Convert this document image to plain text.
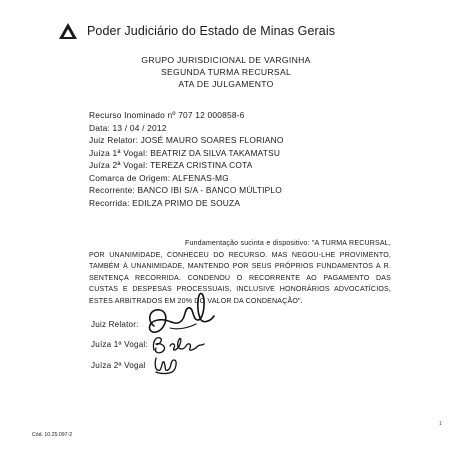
Poder Judiciário do Estado de Minas Gerais
GRUPO JURISDICIONAL DE VARGINHA
SEGUNDA TURMA RECURSAL
ATA DE JULGAMENTO
Recurso Inominado nº 707 12 000858-6
Data: 13 / 04 / 2012
Juiz Relator: JOSÉ MAURO SOARES FLORIANO
Juíza 1ª Vogal: BEATRIZ DA SILVA TAKAMATSU
Juíza 2ª Vogal: TEREZA CRISTINA COTA
Comarca de Origem: ALFENAS-MG
Recorrente: BANCO IBI S/A - BANCO MÚLTIPLO
Recorrida: EDILZA PRIMO DE SOUZA

Fundamentação sucinta e dispositivo: "A TURMA RECURSAL, POR UNANIMIDADE, CONHECEU DO RECURSO. MAS NEGOU-LHE PROVIMENTO, TAMBÉM À UNANIMIDADE, MANTENDO POR SEUS PRÓPRIOS FUNDAMENTOS A R. SENTENÇA RECORRIDA. CONDENOU O RECORRENTE AO PAGAMENTO DAS CUSTAS E DESPESAS PROCESSUAIS, INCLUSIVE HONORÁRIOS ADVOCATÍCIOS, ESTES ARBITRADOS EM 20% DO VALOR DA CONDENAÇÃO".

Juiz Relator:
Juíza 1ª Vogal:
Juíza 2ª Vogal
Cód. 10.25.097-2
1
